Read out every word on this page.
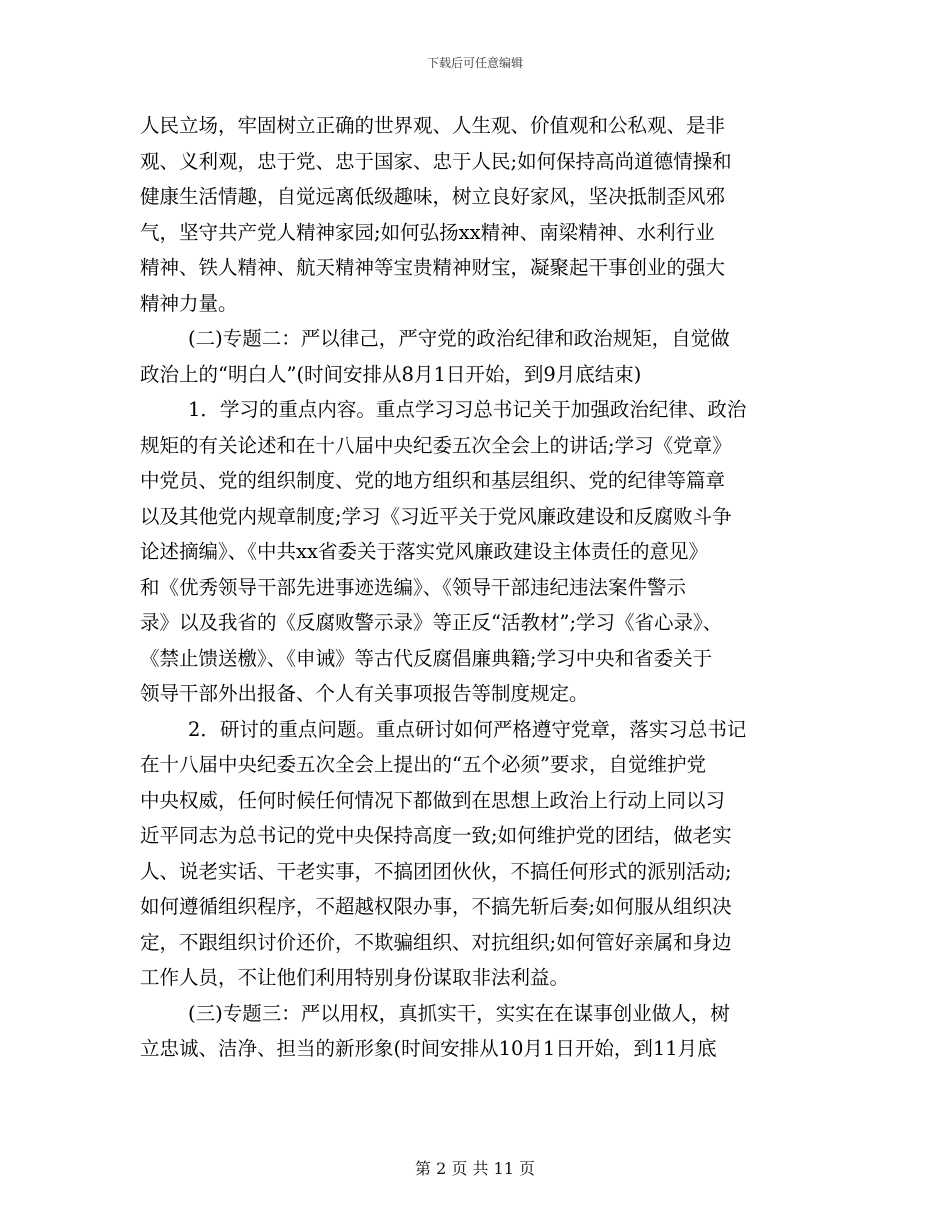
下载后可任意编辑
人民立场，牢固树立正确的世界观、人生观、价值观和公私观、是非
观、义利观，忠于党、忠于国家、忠于人民;如何保持高尚道德情操和
健康生活情趣，自觉远离低级趣味，树立良好家风，坚决抵制歪风邪
气，坚守共产党人精神家园;如何弘扬xx精神、南梁精神、水利行业
精神、铁人精神、航天精神等宝贵精神财宝，凝聚起干事创业的强大
精神力量。
(二)专题二：严以律己，严守党的政治纪律和政治规矩，自觉做
政治上的“明白人”(时间安排从8月1日开始，到9月底结束)
1．学习的重点内容。重点学习习总书记关于加强政治纪律、政治
规矩的有关论述和在十八届中央纪委五次全会上的讲话;学习《党章》
中党员、党的组织制度、党的地方组织和基层组织、党的纪律等篇章
以及其他党内规章制度;学习《习近平关于党风廉政建设和反腐败斗争
论述摘编》、《中共xx省委关于落实党风廉政建设主体责任的意见》
和《优秀领导干部先进事迹选编》、《领导干部违纪违法案件警示
录》以及我省的《反腐败警示录》等正反“活教材”;学习《省心录》、
《禁止馈送檄》、《申诫》等古代反腐倡廉典籍;学习中央和省委关于
领导干部外出报备、个人有关事项报告等制度规定。
2．研讨的重点问题。重点研讨如何严格遵守党章，落实习总书记
在十八届中央纪委五次全会上提出的“五个必须”要求，自觉维护党
中央权威，任何时候任何情况下都做到在思想上政治上行动上同以习
近平同志为总书记的党中央保持高度一致;如何维护党的团结，做老实
人、说老实话、干老实事，不搞团团伙伙，不搞任何形式的派别活动;
如何遵循组织程序，不超越权限办事，不搞先斩后奏;如何服从组织决
定，不跟组织讨价还价，不欺骗组织、对抗组织;如何管好亲属和身边
工作人员，不让他们利用特别身份谋取非法利益。
(三)专题三：严以用权，真抓实干，实实在在谋事创业做人，树
立忠诚、洁净、担当的新形象(时间安排从10月1日开始，到11月底
第 2 页 共 11 页
